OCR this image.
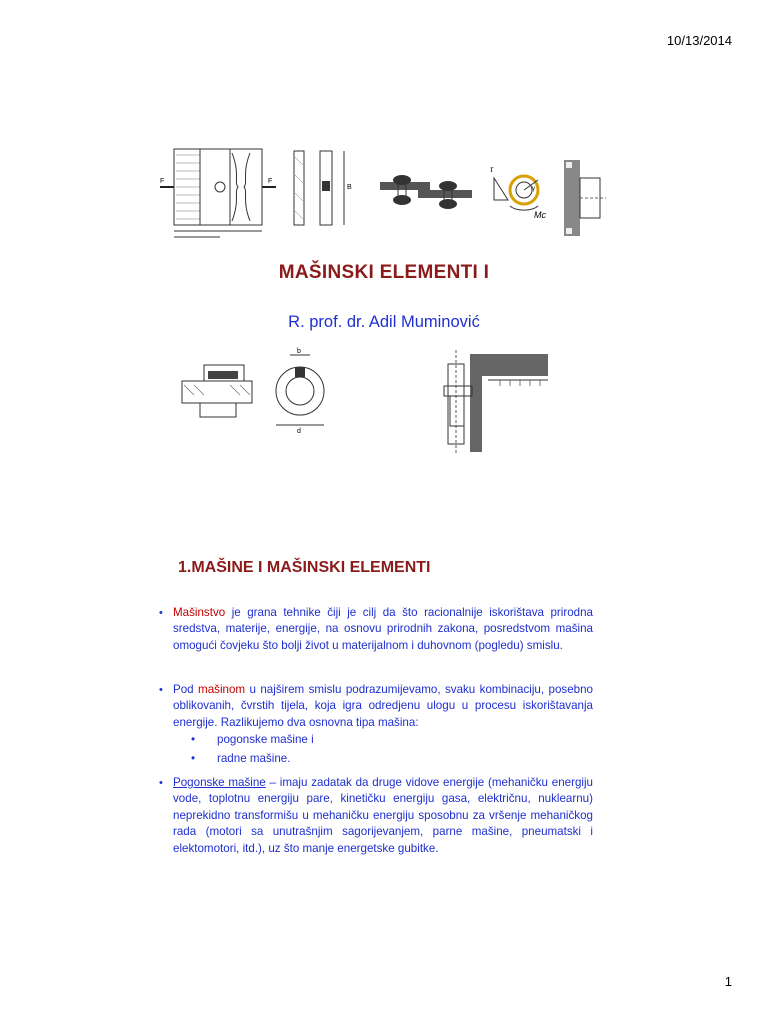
10/13/2014
F	F
B
τ
γ
Mc
MAŠINSKI ELEMENTI I
R. prof. dr. Adil Muminović
b
d
1.MAŠINE I MAŠINSKI ELEMENTI
• Mašinstvo je grana tehnike čiji je cilj da što racionalnije iskorištava prirodna sredstva, materije, energije, na osnovu prirodnih zakona, posredstvom mašina omogući čovjeku što bolji život u materijalnom i duhovnom (pogledu) smislu.
• Pod mašinom u najširem smislu podrazumijevamo, svaku kombinaciju, posebno oblikovanih, čvrstih tijela, koja igra odredjenu ulogu u procesu iskorištavanja energije. Razlikujemo dva osnovna tipa mašina:
• pogonske mašine i
• radne mašine.
• Pogonske mašine – imaju zadatak da druge vidove energije (mehaničku energiju vode, toplotnu energiju pare, kinetičku energiju gasa, električnu, nuklearnu) neprekidno transformišu u mehaničku energiju sposobnu za vršenje mehaničkog rada (motori sa unutrašnjim sagorijevanjem, parne mašine, pneumatski i elektomotori, itd.), uz što manje energetske gubitke.
1
